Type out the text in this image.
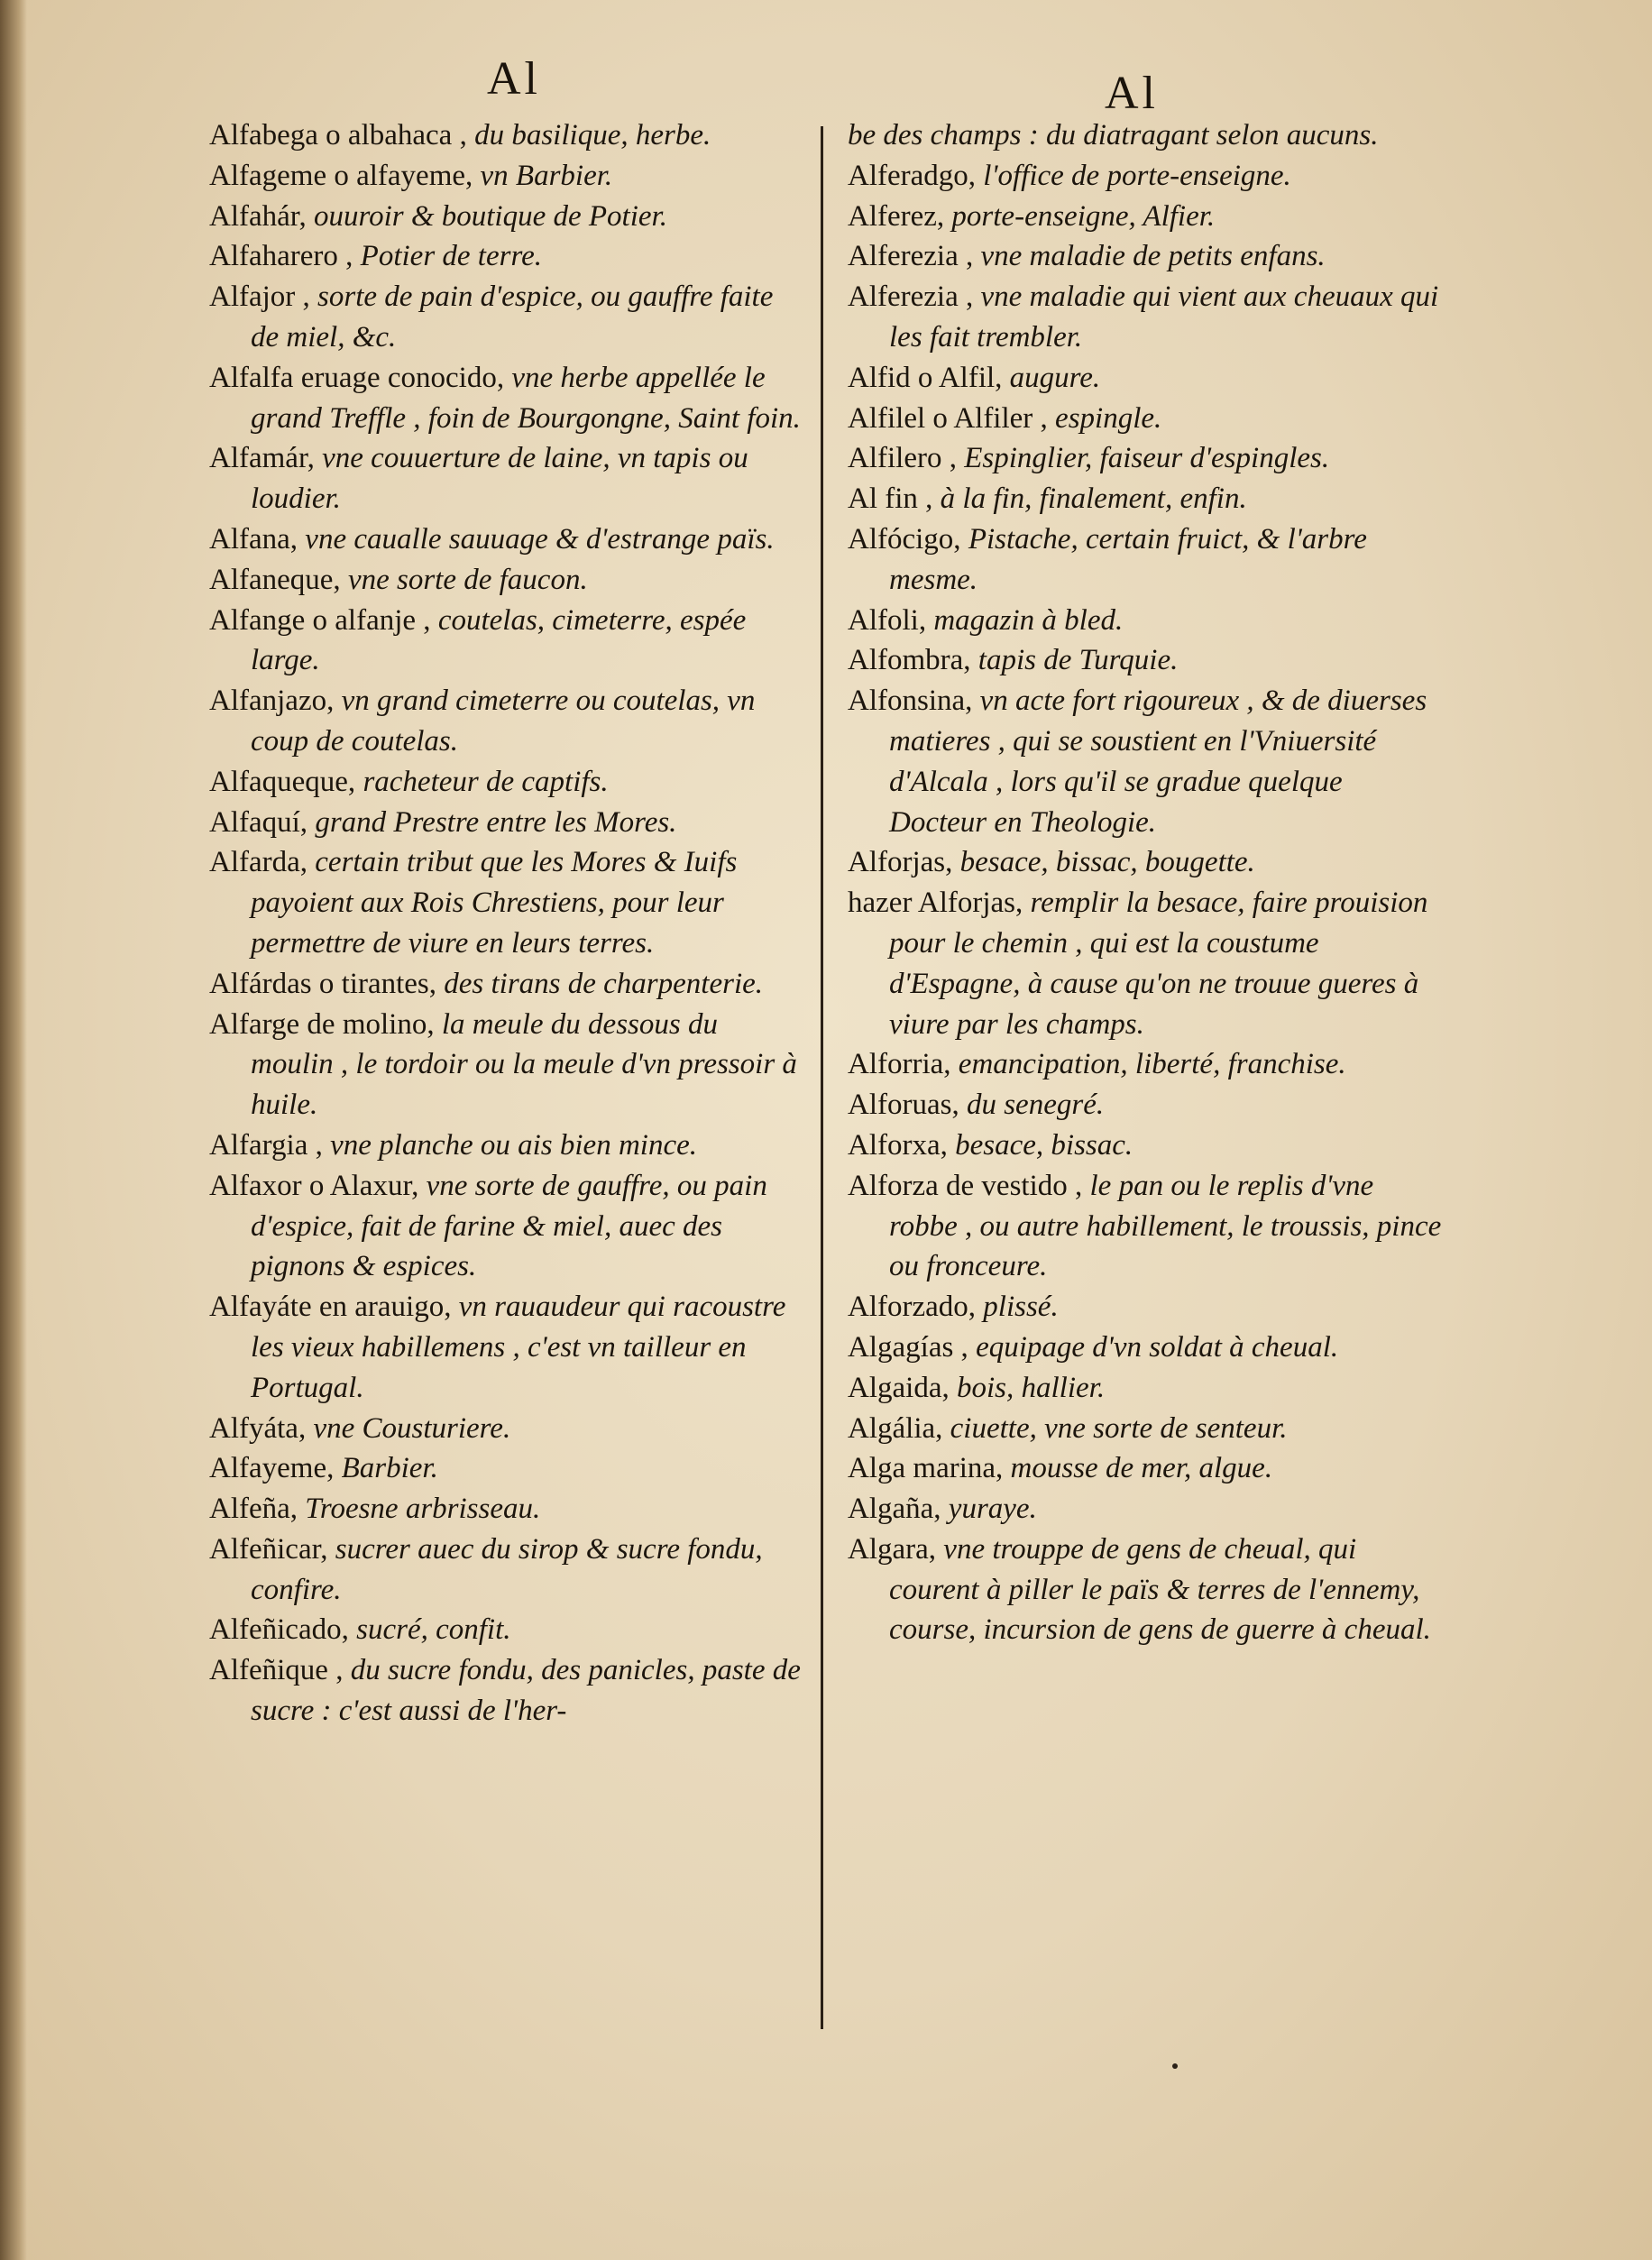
Al	Al

Alfabega o albahaca , du basilique, herbe.

Alfageme o alfayeme, vn Barbier.

Alfahár, ouuroir & boutique de Potier.

Alfaharero , Potier de terre.

Alfajor , sorte de pain d'espice, ou gauffre faite de miel, &c.

Alfalfa eruage conocido, vne herbe appellée le grand Treffle , foin de Bourgongne, Saint foin.

Alfamár, vne couuerture de laine, vn tapis ou loudier.

Alfana, vne caualle sauuage & d'estrange païs.

Alfaneque, vne sorte de faucon.

Alfange o alfanje , coutelas, cimeterre, espée large.

Alfanjazo, vn grand cimeterre ou coutelas, vn coup de coutelas.

Alfaqueque, racheteur de captifs.

Alfaquí, grand Prestre entre les Mores.

Alfarda, certain tribut que les Mores & Iuifs payoient aux Rois Chrestiens, pour leur permettre de viure en leurs terres.

Alfárdas o tirantes, des tirans de charpenterie.

Alfarge de molino, la meule du dessous du moulin , le tordoir ou la meule d'vn pressoir à huile.

Alfargia , vne planche ou ais bien mince.

Alfaxor o Alaxur, vne sorte de gauffre, ou pain d'espice, fait de farine & miel, auec des pignons & espices.

Alfayáte en arauigo, vn rauaudeur qui racoustre les vieux habillemens , c'est vn tailleur en Portugal.

Alfyáta, vne Cousturiere.

Alfayeme, Barbier.

Alfeña, Troesne arbrisseau.

Alfeñicar, sucrer auec du sirop & sucre fondu, confire.

Alfeñicado, sucré, confit.

Alfeñique , du sucre fondu, des panicles, paste de sucre : c'est aussi de l'her-

be des champs : du diatragant selon aucuns.

Alferadgo, l'office de porte-enseigne.

Alferez, porte-enseigne, Alfier.

Alferezia , vne maladie de petits enfans.

Alferezia , vne maladie qui vient aux cheuaux qui les fait trembler.

Alfid o Alfil, augure.

Alfilel o Alfiler , espingle.

Alfilero , Espinglier, faiseur d'espingles.

Al fin , à la fin, finalement, enfin.

Alfócigo, Pistache, certain fruict, & l'arbre mesme.

Alfoli, magazin à bled.

Alfombra, tapis de Turquie.

Alfonsina, vn acte fort rigoureux , & de diuerses matieres , qui se soustient en l'Vniuersité d'Alcala , lors qu'il se gradue quelque Docteur en Theologie.

Alforjas, besace, bissac, bougette.

hazer Alforjas, remplir la besace, faire prouision pour le chemin , qui est la coustume d'Espagne, à cause qu'on ne trouue gueres à viure par les champs.

Alforria, emancipation, liberté, franchise.

Alforuas, du senegré.

Alforxa, besace, bissac.

Alforza de vestido , le pan ou le replis d'vne robbe , ou autre habillement, le troussis, pince ou fronceure.

Alforzado, plissé.

Algagías , equipage d'vn soldat à cheual.

Algaida, bois, hallier.

Algália, ciuette, vne sorte de senteur.

Alga marina, mousse de mer, algue.

Algaña, yuraye.

Algara, vne trouppe de gens de cheual, qui courent à piller le païs & terres de l'ennemy, course, incursion de gens de guerre à cheual.
